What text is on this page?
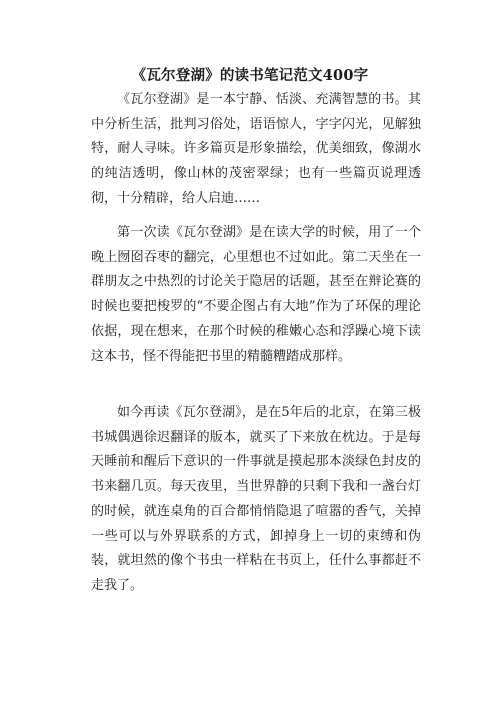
《瓦尔登湖》的读书笔记范文400字

《瓦尔登湖》是一本宁静、恬淡、充满智慧的书。其中分析生活，批判习俗处，语语惊人，字字闪光，见解独特，耐人寻味。许多篇页是形象描绘，优美细致，像湖水的纯洁透明，像山林的茂密翠绿；也有一些篇页说理透彻，十分精辟，给人启迪……

第一次读《瓦尔登湖》是在读大学的时候，用了一个晚上囫囵吞枣的翻完，心里想也不过如此。第二天坐在一群朋友之中热烈的讨论关于隐居的话题，甚至在辩论赛的时候也要把梭罗的“不要企图占有大地”作为了环保的理论依据，现在想来，在那个时候的稚嫩心态和浮躁心境下读这本书，怪不得能把书里的精髓糟踏成那样。

如今再读《瓦尔登湖》，是在5年后的北京，在第三极书城偶遇徐迟翻译的版本，就买了下来放在枕边。于是每天睡前和醒后下意识的一件事就是摸起那本淡绿色封皮的书来翻几页。每天夜里，当世界静的只剩下我和一盏台灯的时候，就连桌角的百合都悄悄隐退了喧嚣的香气，关掉一些可以与外界联系的方式，卸掉身上一切的束缚和伪装，就坦然的像个书虫一样粘在书页上，任什么事都赶不走我了。
